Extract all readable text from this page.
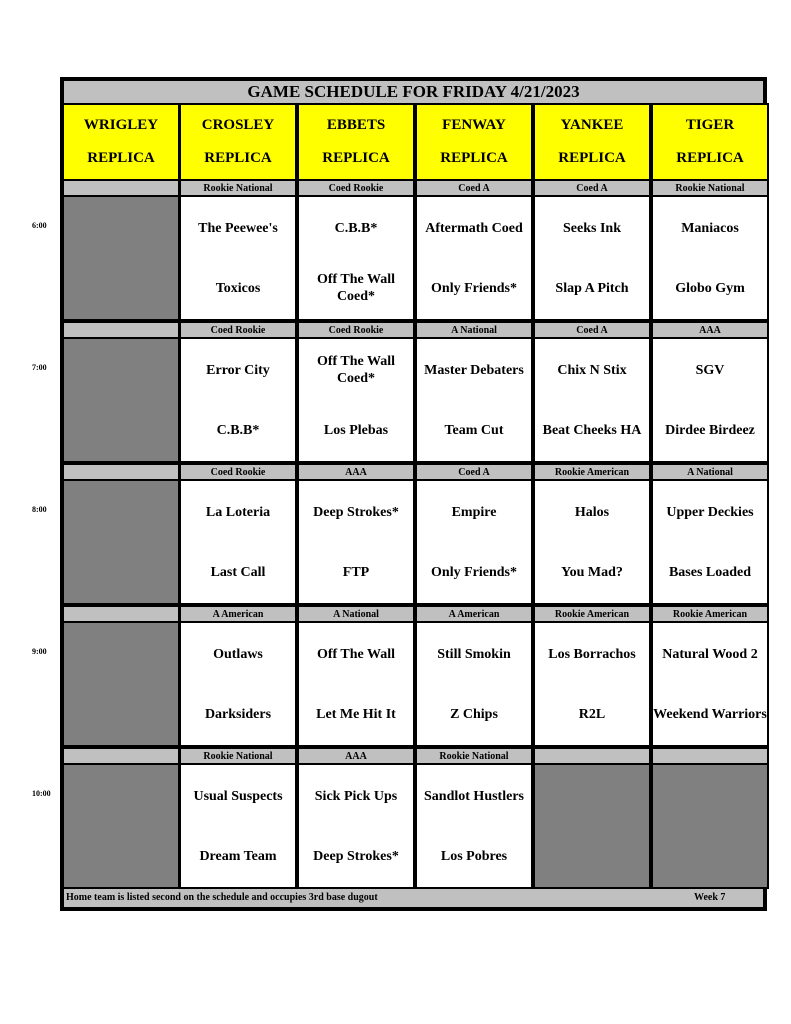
GAME SCHEDULE FOR FRIDAY 4/21/2023
Home team is listed second on the schedule and occupies 3rd base dugout	Week 7
WRIGLEY
REPLICA
CROSLEY
REPLICA
EBBETS
REPLICA
FENWAY
REPLICA
YANKEE
REPLICA
TIGER
REPLICA
Rookie National
The Peewee's
Toxicos
Coed Rookie
C.B.B*
Off The Wall Coed*
Coed A
Aftermath Coed
Only Friends*
Coed A
Seeks Ink
Slap A Pitch
Rookie National
Maniacos
Globo Gym
Coed Rookie
Error City
C.B.B*
Coed Rookie
Off The Wall Coed*
Los Plebas
A National
Master Debaters
Team Cut
Coed A
Chix N Stix
Beat Cheeks HA
AAA
SGV
Dirdee Birdeez
Coed Rookie
La Loteria
Last Call
AAA
Deep Strokes*
FTP
Coed A
Empire
Only Friends*
Rookie American
Halos
You Mad?
A National
Upper Deckies
Bases Loaded
A American
Outlaws
Darksiders
A National
Off The Wall
Let Me Hit It
A American
Still Smokin
Z Chips
Rookie American
Los Borrachos
R2L
Rookie American
Natural Wood 2
Weekend Warriors
Rookie National
Usual Suspects
Dream Team
AAA
Sick Pick Ups
Deep Strokes*
Rookie National
Sandlot Hustlers
Los Pobres
6:00
7:00
8:00
9:00
10:00
